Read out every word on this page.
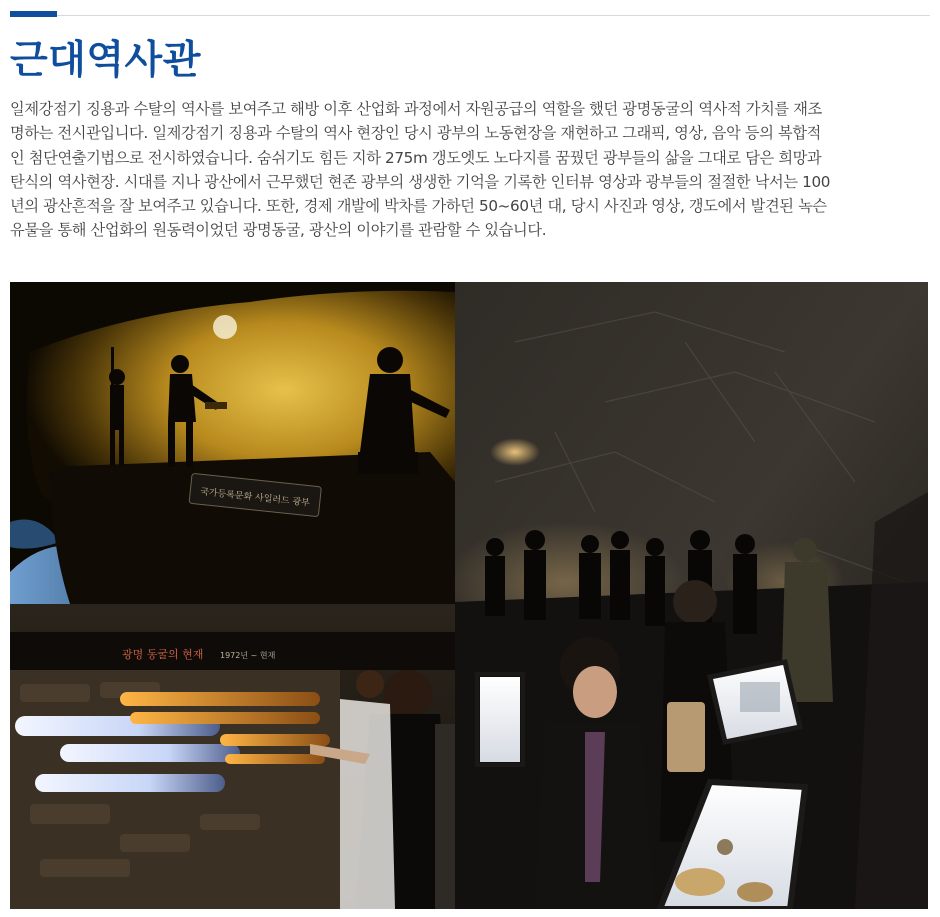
근대역사관

일제강점기 징용과 수탈의 역사를 보여주고 해방 이후 산업화 과정에서 자원공급의 역할을 했던 광명동굴의 역사적 가치를 재조
명하는 전시관입니다. 일제강점기 징용과 수탈의 역사 현장인 당시 광부의 노동현장을 재현하고 그래픽, 영상, 음악 등의 복합적
인 첨단연출기법으로 전시하였습니다. 숨쉬기도 힘든 지하 275m 갱도엣도 노다지를 꿈꿨던 광부들의 삶을 그대로 담은 희망과
탄식의 역사현장. 시대를 지나 광산에서 근무했던 현존 광부의 생생한 기억을 기록한 인터뷰 영상과 광부들의 절절한 낙서는 100
년의 광산흔적을 잘 보여주고 있습니다. 또한, 경제 개발에 박차를 가하던 50~60년 대, 당시 사진과 영상, 갱도에서 발견된 녹슨
유물을 통해 산업화의 원동력이었던 광명동굴, 광산의 이야기를 관람할 수 있습니다.

국가등록문화 사일러드 광부
광명 동굴의 현재 1972년 ~ 현재
